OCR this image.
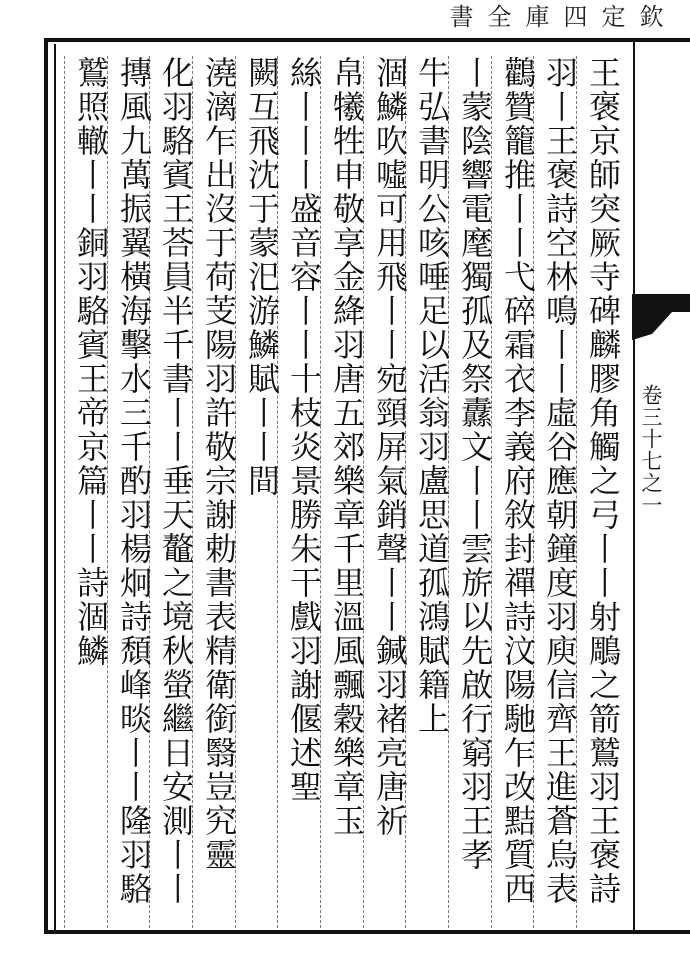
欽定四庫全書
卷三十七之一
王褒京師突厥寺碑麟膠角觸之弓丨丨射鵰之箭鷲羽王褒詩
羽丨王褒詩空林鳴丨丨虛谷應朝鐘度羽庾信齊王進蒼烏表
鸛贊籠推丨丨弋碎霜衣李義府敘封禪詩汶陽馳乍改黠質西
丨蒙陰響電麾獨孤及祭纛文丨丨雲旂以先啟行窮羽王孝
牛弘書明公咳唾足以活翁羽盧思道孤鴻賦籍上
涸鱗吹噓可用飛丨丨宛頸屏氣銷聲丨丨鍼羽褚亮唐祈
帛犧牲申敬享金絳羽唐五郊樂章千里溫風飄穀樂章玉
絲丨丨丨盛音容丨丨十枝炎景勝朱干戲羽謝偃述聖
闕互飛沈于蒙汜游鱗賦丨丨間
澆漓乍出沒于荷芰陽羽許敬宗謝勅書表精衛銜翳豈究靈
化羽駱賓王荅員半千書丨丨垂天鼇之境秋螢繼日安測丨丨
摶風九萬振翼橫海擊水三千酌羽楊炯詩頹峰晱丨丨隆羽駱
鷲照轍丨丨銅羽駱賓王帝京篇丨丨詩涸鱗
